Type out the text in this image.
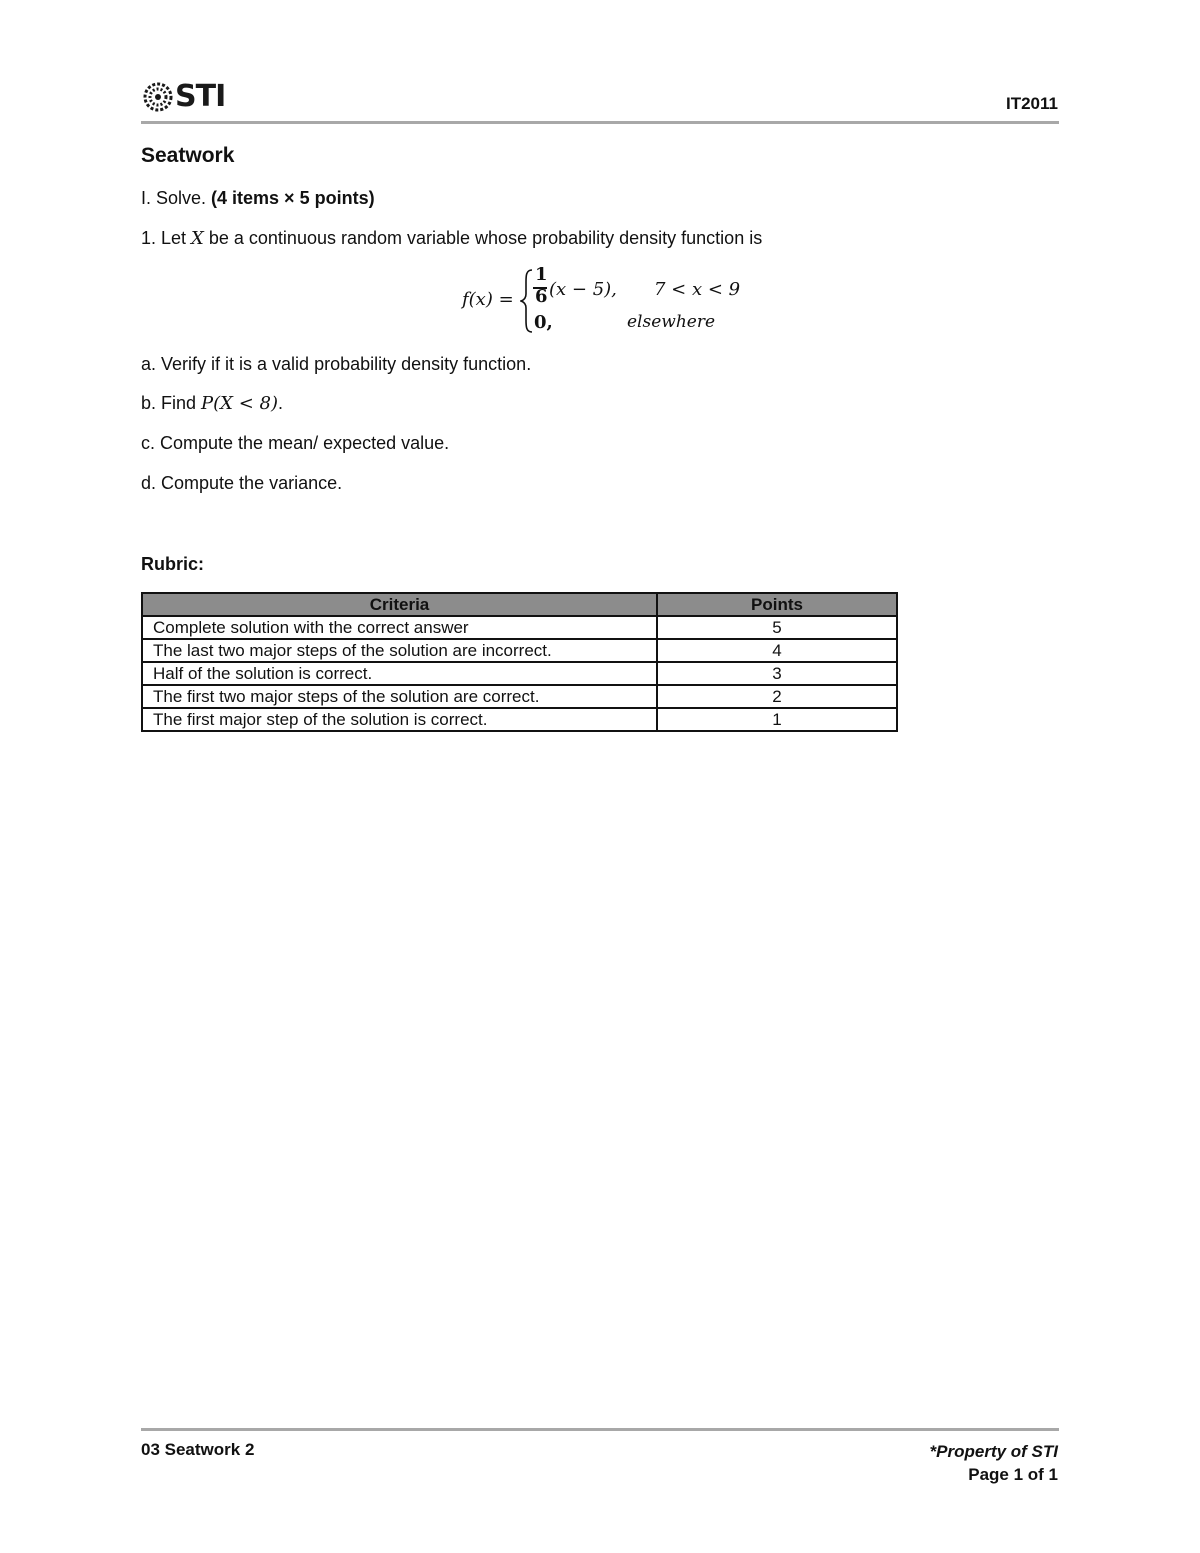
STI	IT2011
Seatwork
I. Solve. (4 items × 5 points)
1. Let X be a continuous random variable whose probability density function is
f(x) =
1
6 (x − 5), 7 < x < 9
0,	elsewhere
a. Verify if it is a valid probability density function.
b. Find P(X < 8).
c. Compute the mean/ expected value.
d. Compute the variance.
Rubric:
Criteria	Points
Complete solution with the correct answer	5
The last two major steps of the solution are incorrect.	4
Half of the solution is correct.	3
The first two major steps of the solution are correct.	2
The first major step of the solution is correct.	1
03 Seatwork 2	*Property of STI
Page 1 of 1
